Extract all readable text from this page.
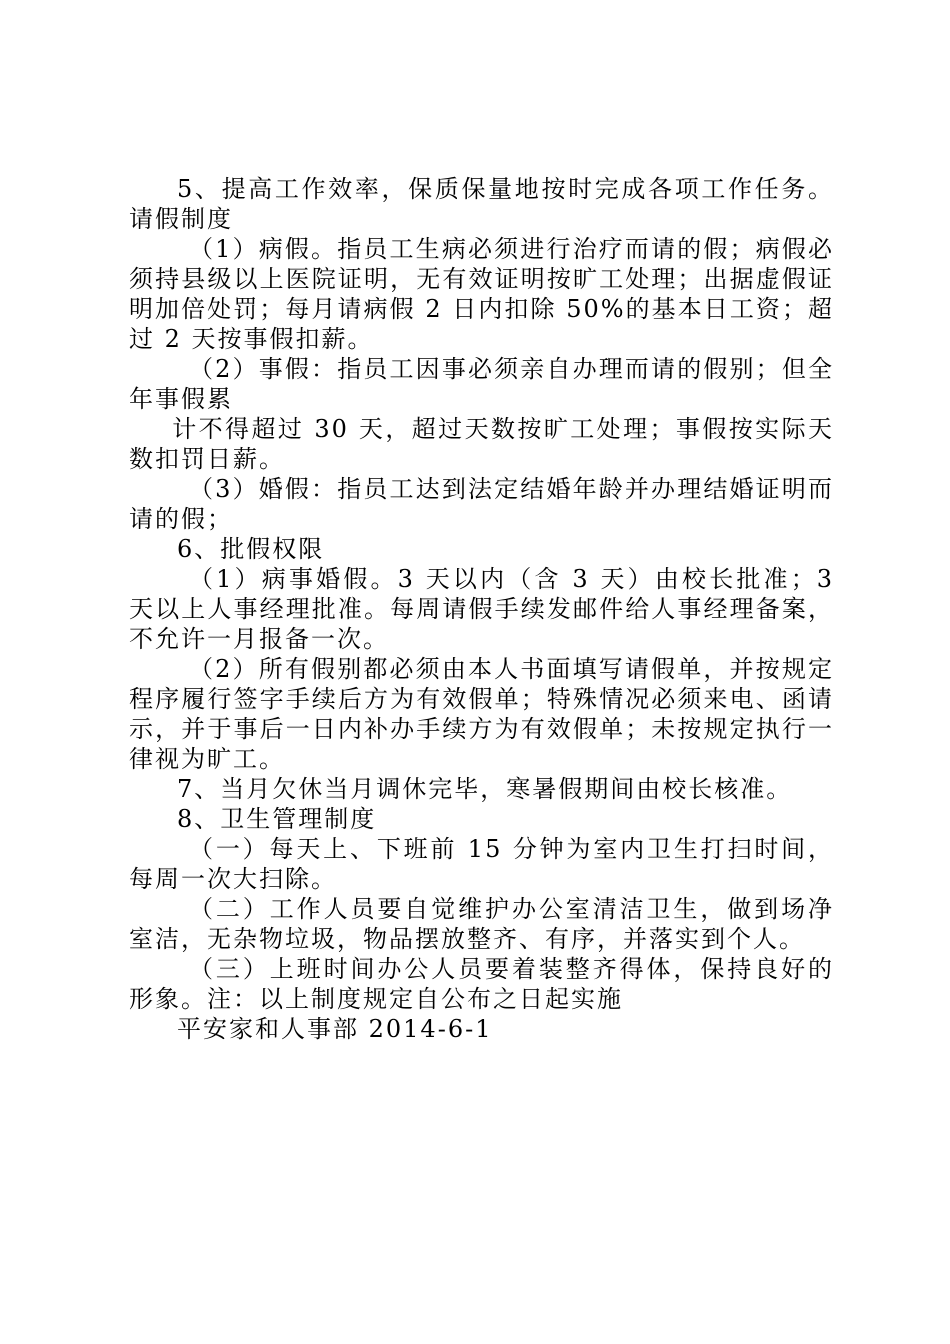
5、提高工作效率，保质保量地按时完成各项工作任务。请假制度

（1）病假。指员工生病必须进行治疗而请的假；病假必须持县级以上医院证明，无有效证明按旷工处理；出据虚假证明加倍处罚；每月请病假 2 日内扣除 50%的基本日工资；超过 2 天按事假扣薪。

（2）事假：指员工因事必须亲自办理而请的假别；但全年事假累

计不得超过 30 天，超过天数按旷工处理；事假按实际天数扣罚日薪。

（3）婚假：指员工达到法定结婚年龄并办理结婚证明而请的假；

6、批假权限

（1）病事婚假。3 天以内（含 3 天）由校长批准；3 天以上人事经理批准。每周请假手续发邮件给人事经理备案，不允许一月报备一次。

（2）所有假别都必须由本人书面填写请假单，并按规定程序履行签字手续后方为有效假单；特殊情况必须来电、函请示，并于事后一日内补办手续方为有效假单；未按规定执行一律视为旷工。

7、当月欠休当月调休完毕，寒暑假期间由校长核准。

8、卫生管理制度

（一）每天上、下班前 15 分钟为室内卫生打扫时间，每周一次大扫除。

（二）工作人员要自觉维护办公室清洁卫生，做到场净室洁，无杂物垃圾，物品摆放整齐、有序，并落实到个人。

（三）上班时间办公人员要着装整齐得体，保持良好的形象。注：以上制度规定自公布之日起实施

平安家和人事部 2014-6-1
